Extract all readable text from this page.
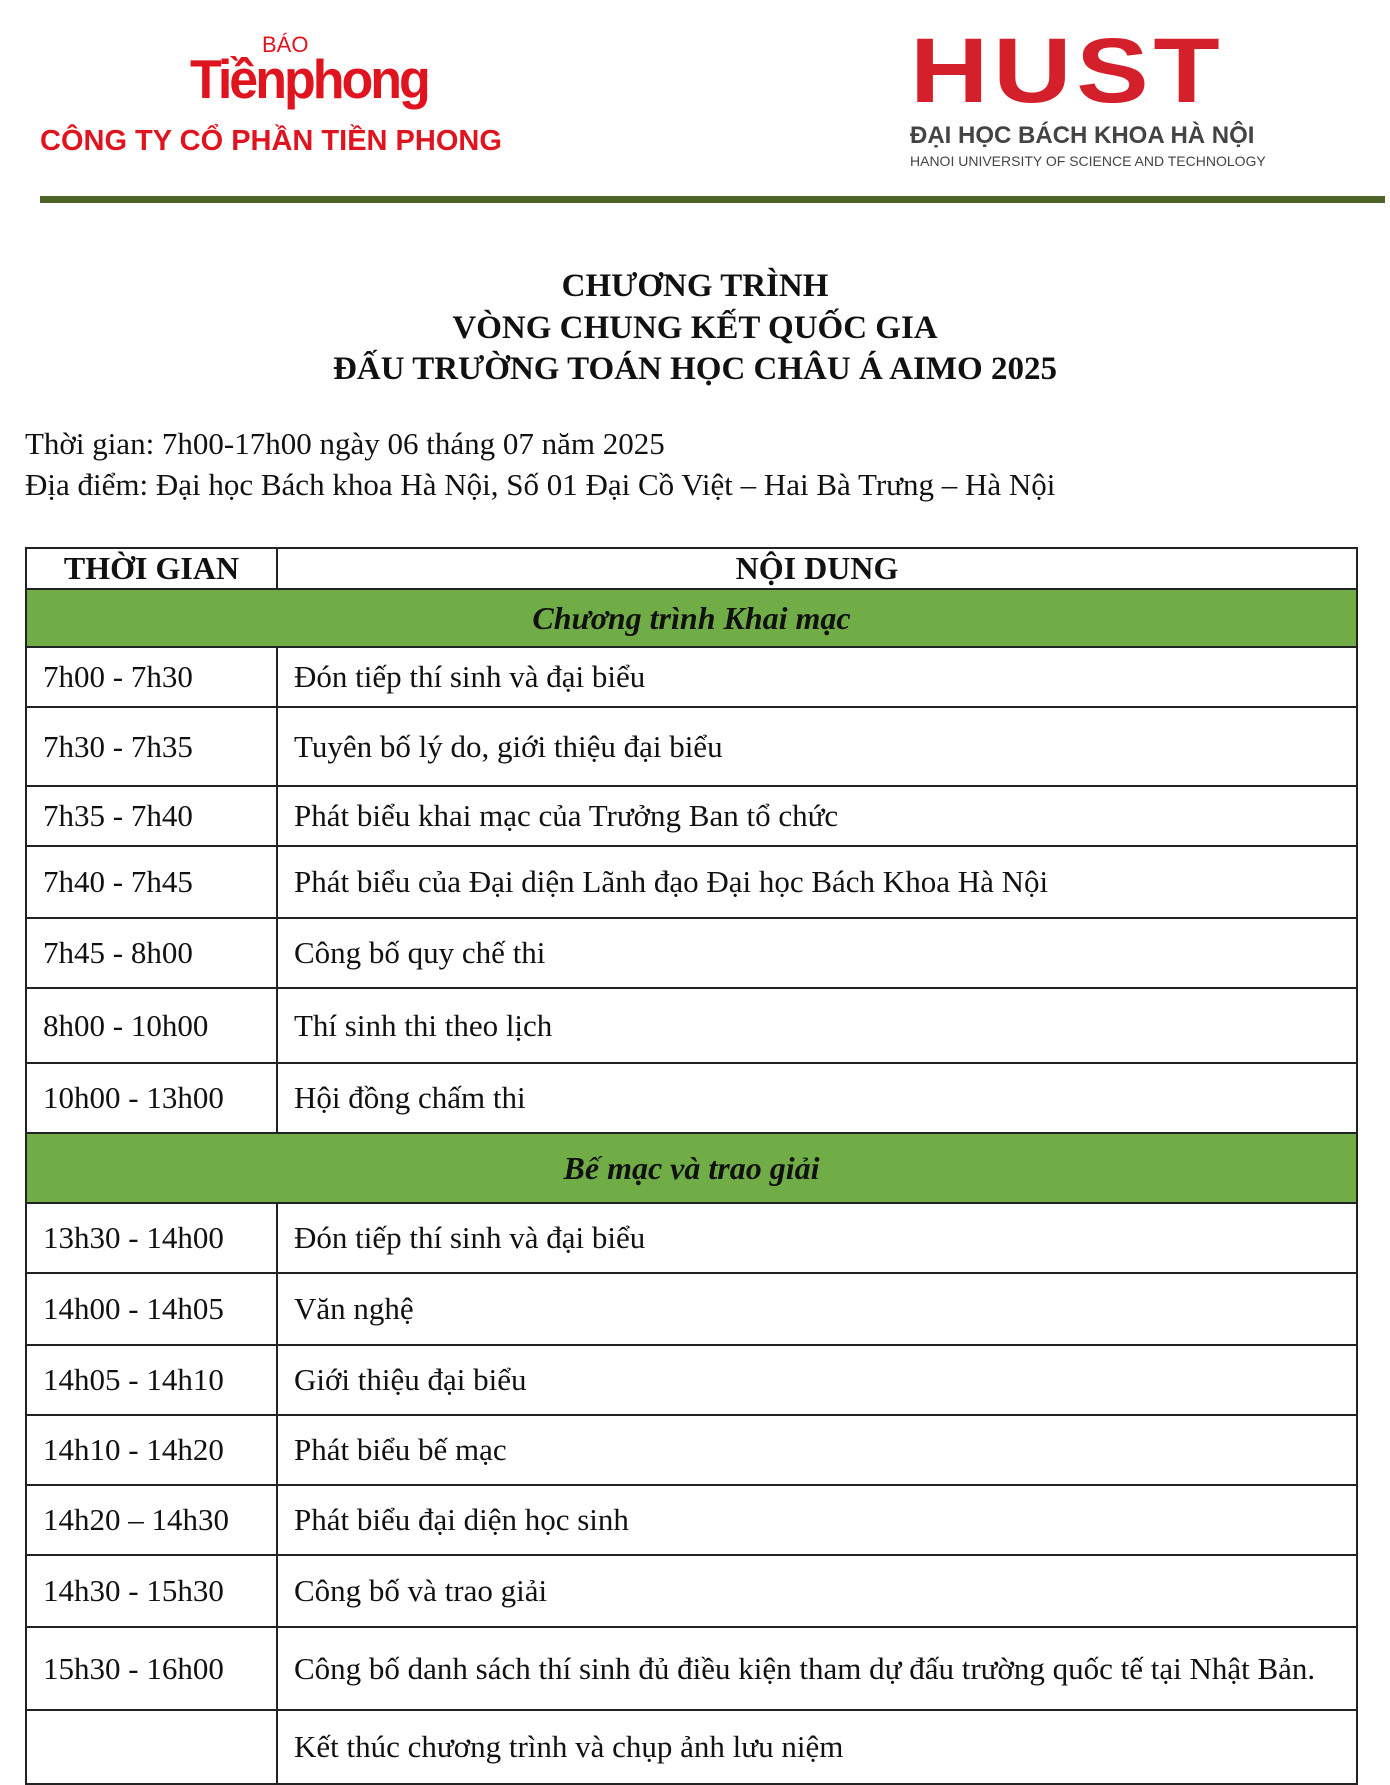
BÁO
Tiềnphong
CÔNG TY CỔ PHẦN TIỀN PHONG
HUST
ĐẠI HỌC BÁCH KHOA HÀ NỘI
HANOI UNIVERSITY OF SCIENCE AND TECHNOLOGY
CHƯƠNG TRÌNH
VÒNG CHUNG KẾT QUỐC GIA
ĐẤU TRƯỜNG TOÁN HỌC CHÂU Á AIMO 2025
Thời gian: 7h00-17h00 ngày 06 tháng 07 năm 2025
Địa điểm: Đại học Bách khoa Hà Nội, Số 01 Đại Cồ Việt – Hai Bà Trưng – Hà Nội
THỜI GIAN	NỘI DUNG
Chương trình Khai mạc	
7h00 - 7h30	Đón tiếp thí sinh và đại biểu
7h30 - 7h35	Tuyên bố lý do, giới thiệu đại biểu
7h35 - 7h40	Phát biểu khai mạc của Trưởng Ban tổ chức
7h40 - 7h45	Phát biểu của Đại diện Lãnh đạo Đại học Bách Khoa Hà Nội
7h45 - 8h00	Công bố quy chế thi
8h00 - 10h00	Thí sinh thi theo lịch
10h00 - 13h00	Hội đồng chấm thi
Bế mạc và trao giải	
13h30 - 14h00	Đón tiếp thí sinh và đại biểu
14h00 - 14h05	Văn nghệ
14h05 - 14h10	Giới thiệu đại biểu
14h10 - 14h20	Phát biểu bế mạc
14h20 – 14h30	Phát biểu đại diện học sinh
14h30 - 15h30	Công bố và trao giải
15h30 - 16h00	Công bố danh sách thí sinh đủ điều kiện tham dự đấu trường quốc tế tại Nhật Bản.
	Kết thúc chương trình và chụp ảnh lưu niệm
